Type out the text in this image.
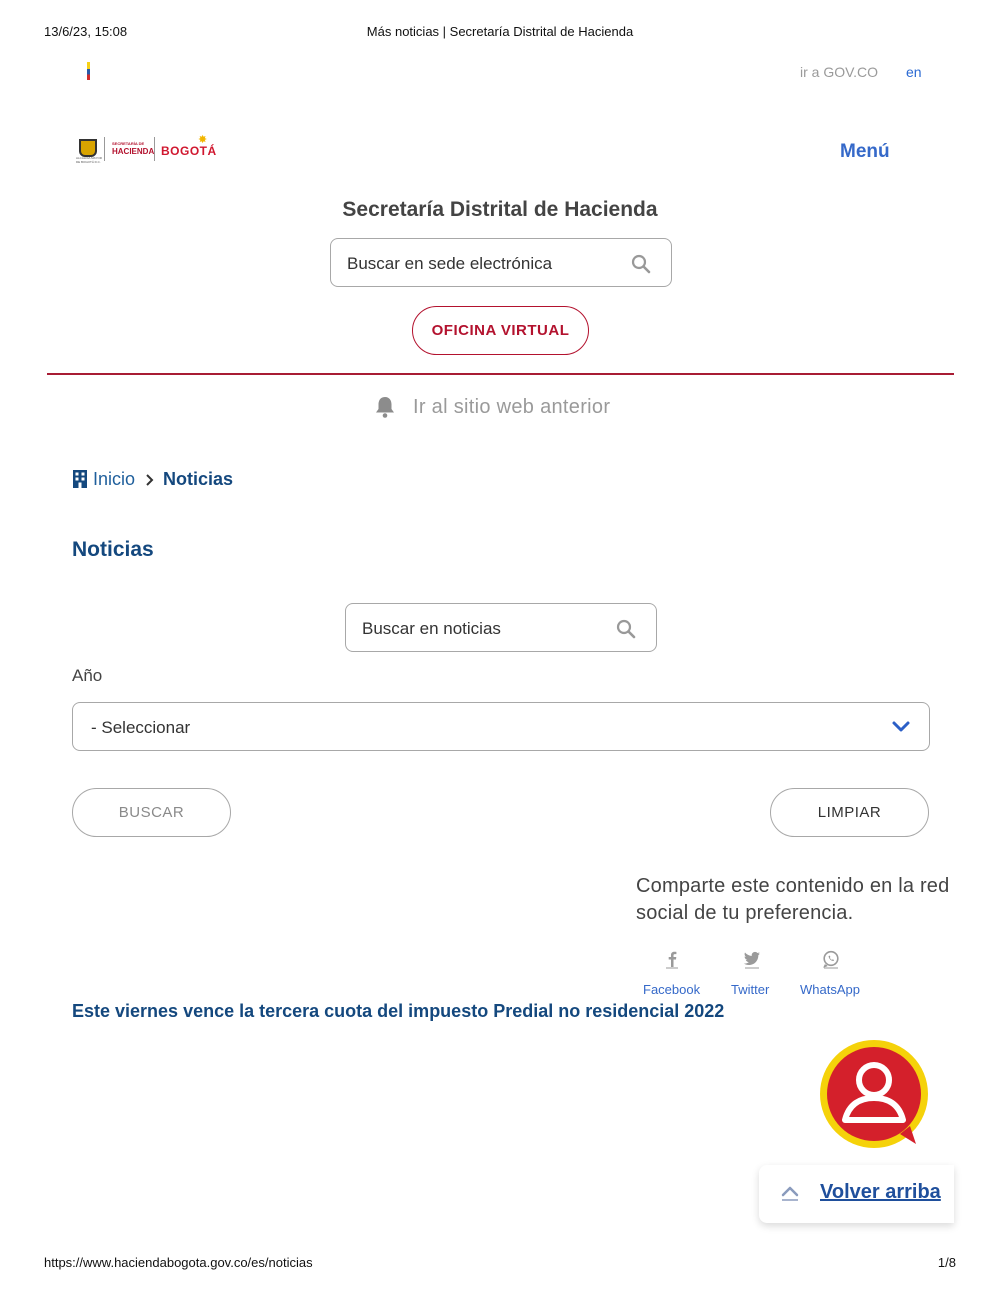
13/6/23, 15:08	Más noticias | Secretaría Distrital de Hacienda
https://www.haciendabogota.gov.co/es/noticias	1/8
ir a GOV.CO en
ALCALDÍA MAYOR DE BOGOTÁ D.C.
SECRETARÍA DE
HACIENDA BOGOTÁ
✸
Menú
Secretaría Distrital de Hacienda
Buscar en sede electrónica
OFICINA VIRTUAL
Ir al sitio web anterior
Inicio Noticias
Noticias
Buscar en noticias
Año
- Seleccionar
BUSCAR	LIMPIAR
Comparte este contenido en la red social de tu preferencia.
Facebook Twitter WhatsApp
Este viernes vence la tercera cuota del impuesto Predial no residencial 2022
Volver arriba
